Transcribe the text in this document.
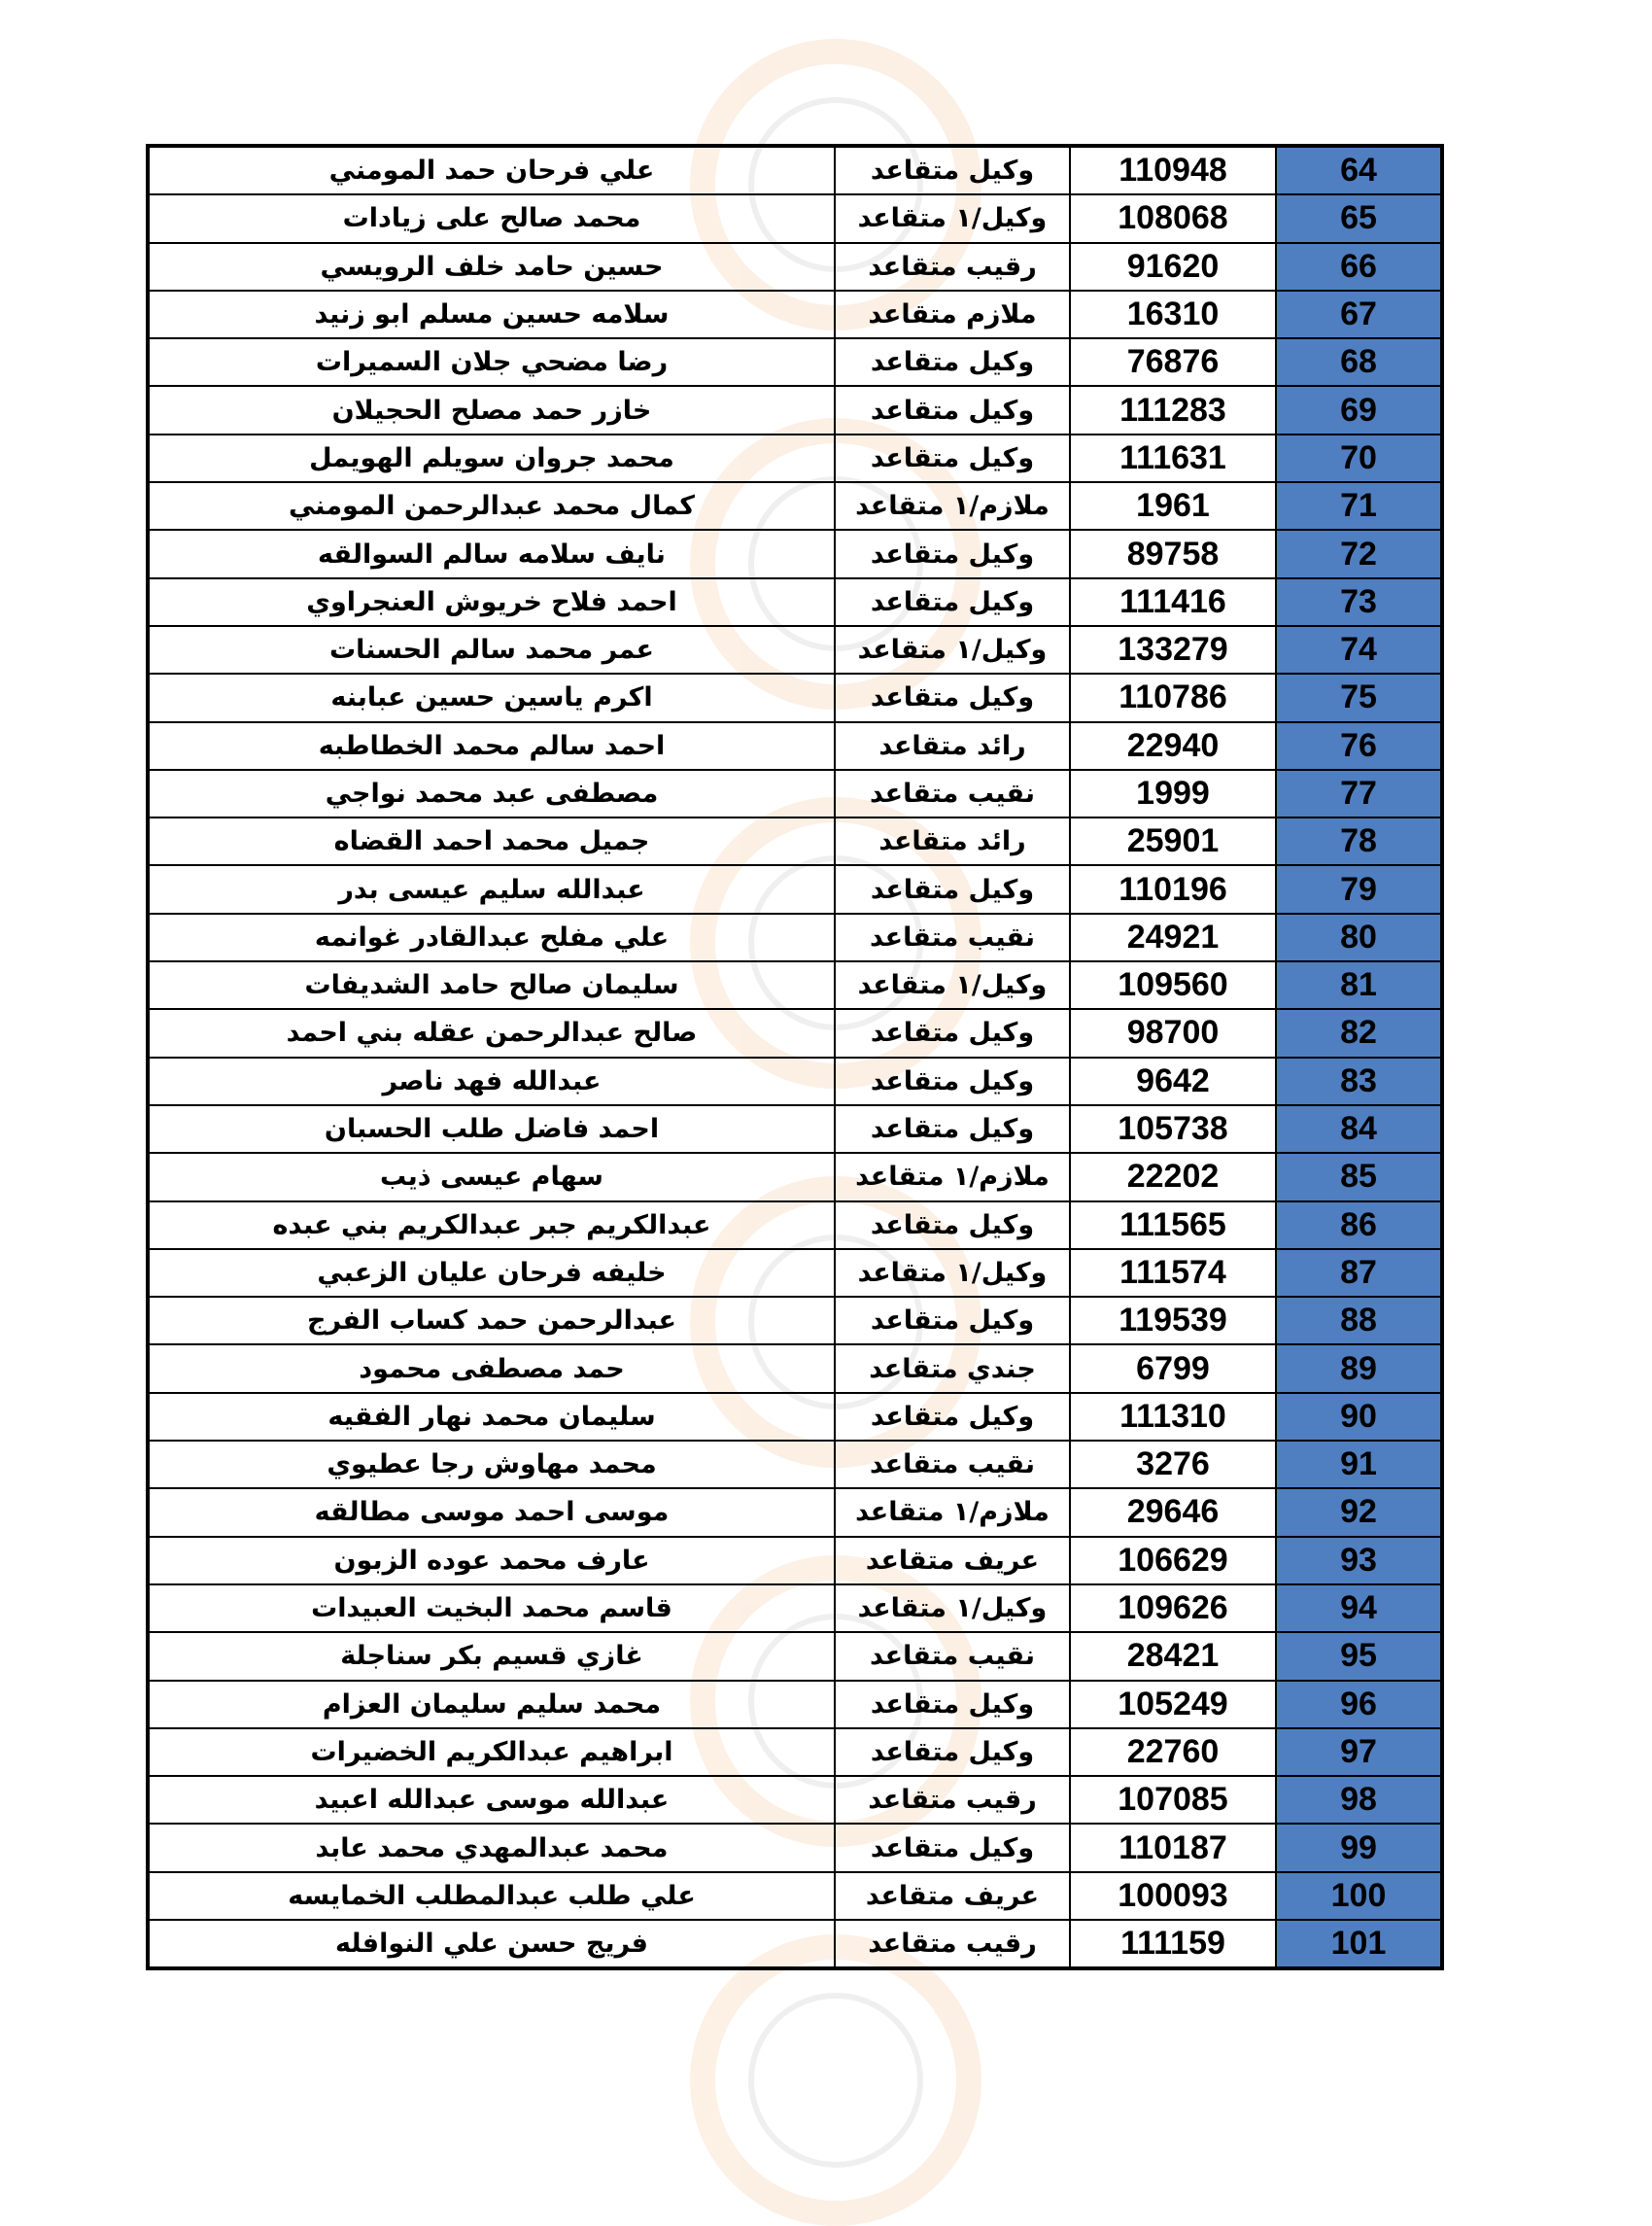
علي فرحان حمد المومني	وكيل متقاعد	110948	64
محمد صالح على زيادات	وكيل/١ متقاعد	108068	65
حسين حامد خلف الرويسي	رقيب متقاعد	91620	66
سلامه حسين مسلم ابو زنيد	ملازم متقاعد	16310	67
رضا مضحي جلان السميرات	وكيل متقاعد	76876	68
خازر حمد مصلح الحجيلان	وكيل متقاعد	111283	69
محمد جروان سويلم الهويمل	وكيل متقاعد	111631	70
كمال محمد عبدالرحمن المومني	ملازم/١ متقاعد	1961	71
نايف سلامه سالم السوالقه	وكيل متقاعد	89758	72
احمد فلاح خريوش العنجراوي	وكيل متقاعد	111416	73
عمر محمد سالم الحسنات	وكيل/١ متقاعد	133279	74
اكرم ياسين حسين عبابنه	وكيل متقاعد	110786	75
احمد سالم محمد الخطاطبه	رائد متقاعد	22940	76
مصطفى عبد محمد نواجي	نقيب متقاعد	1999	77
جميل محمد احمد القضاه	رائد متقاعد	25901	78
عبدالله سليم عيسى بدر	وكيل متقاعد	110196	79
علي مفلح عبدالقادر غوانمه	نقيب متقاعد	24921	80
سليمان صالح حامد الشديفات	وكيل/١ متقاعد	109560	81
صالح عبدالرحمن عقله بني احمد	وكيل متقاعد	98700	82
عبدالله فهد ناصر	وكيل متقاعد	9642	83
احمد فاضل طلب الحسبان	وكيل متقاعد	105738	84
سهام عيسى ذيب	ملازم/١ متقاعد	22202	85
عبدالكريم جبر عبدالكريم بني عبده	وكيل متقاعد	111565	86
خليفه فرحان عليان الزعبي	وكيل/١ متقاعد	111574	87
عبدالرحمن حمد كساب الفرج	وكيل متقاعد	119539	88
حمد مصطفى محمود	جندي متقاعد	6799	89
سليمان محمد نهار الفقيه	وكيل متقاعد	111310	90
محمد مهاوش رجا عطيوي	نقيب متقاعد	3276	91
موسى احمد موسى مطالقه	ملازم/١ متقاعد	29646	92
عارف محمد عوده الزبون	عريف متقاعد	106629	93
قاسم محمد البخيت العبيدات	وكيل/١ متقاعد	109626	94
غازي قسيم بكر سناجلة	نقيب متقاعد	28421	95
محمد سليم سليمان العزام	وكيل متقاعد	105249	96
ابراهيم عبدالكريم الخضيرات	وكيل متقاعد	22760	97
عبدالله موسى عبدالله اعبيد	رقيب متقاعد	107085	98
محمد عبدالمهدي محمد عابد	وكيل متقاعد	110187	99
علي طلب عبدالمطلب الخمايسه	عريف متقاعد	100093	100
فريج حسن علي النوافله	رقيب متقاعد	111159	101
